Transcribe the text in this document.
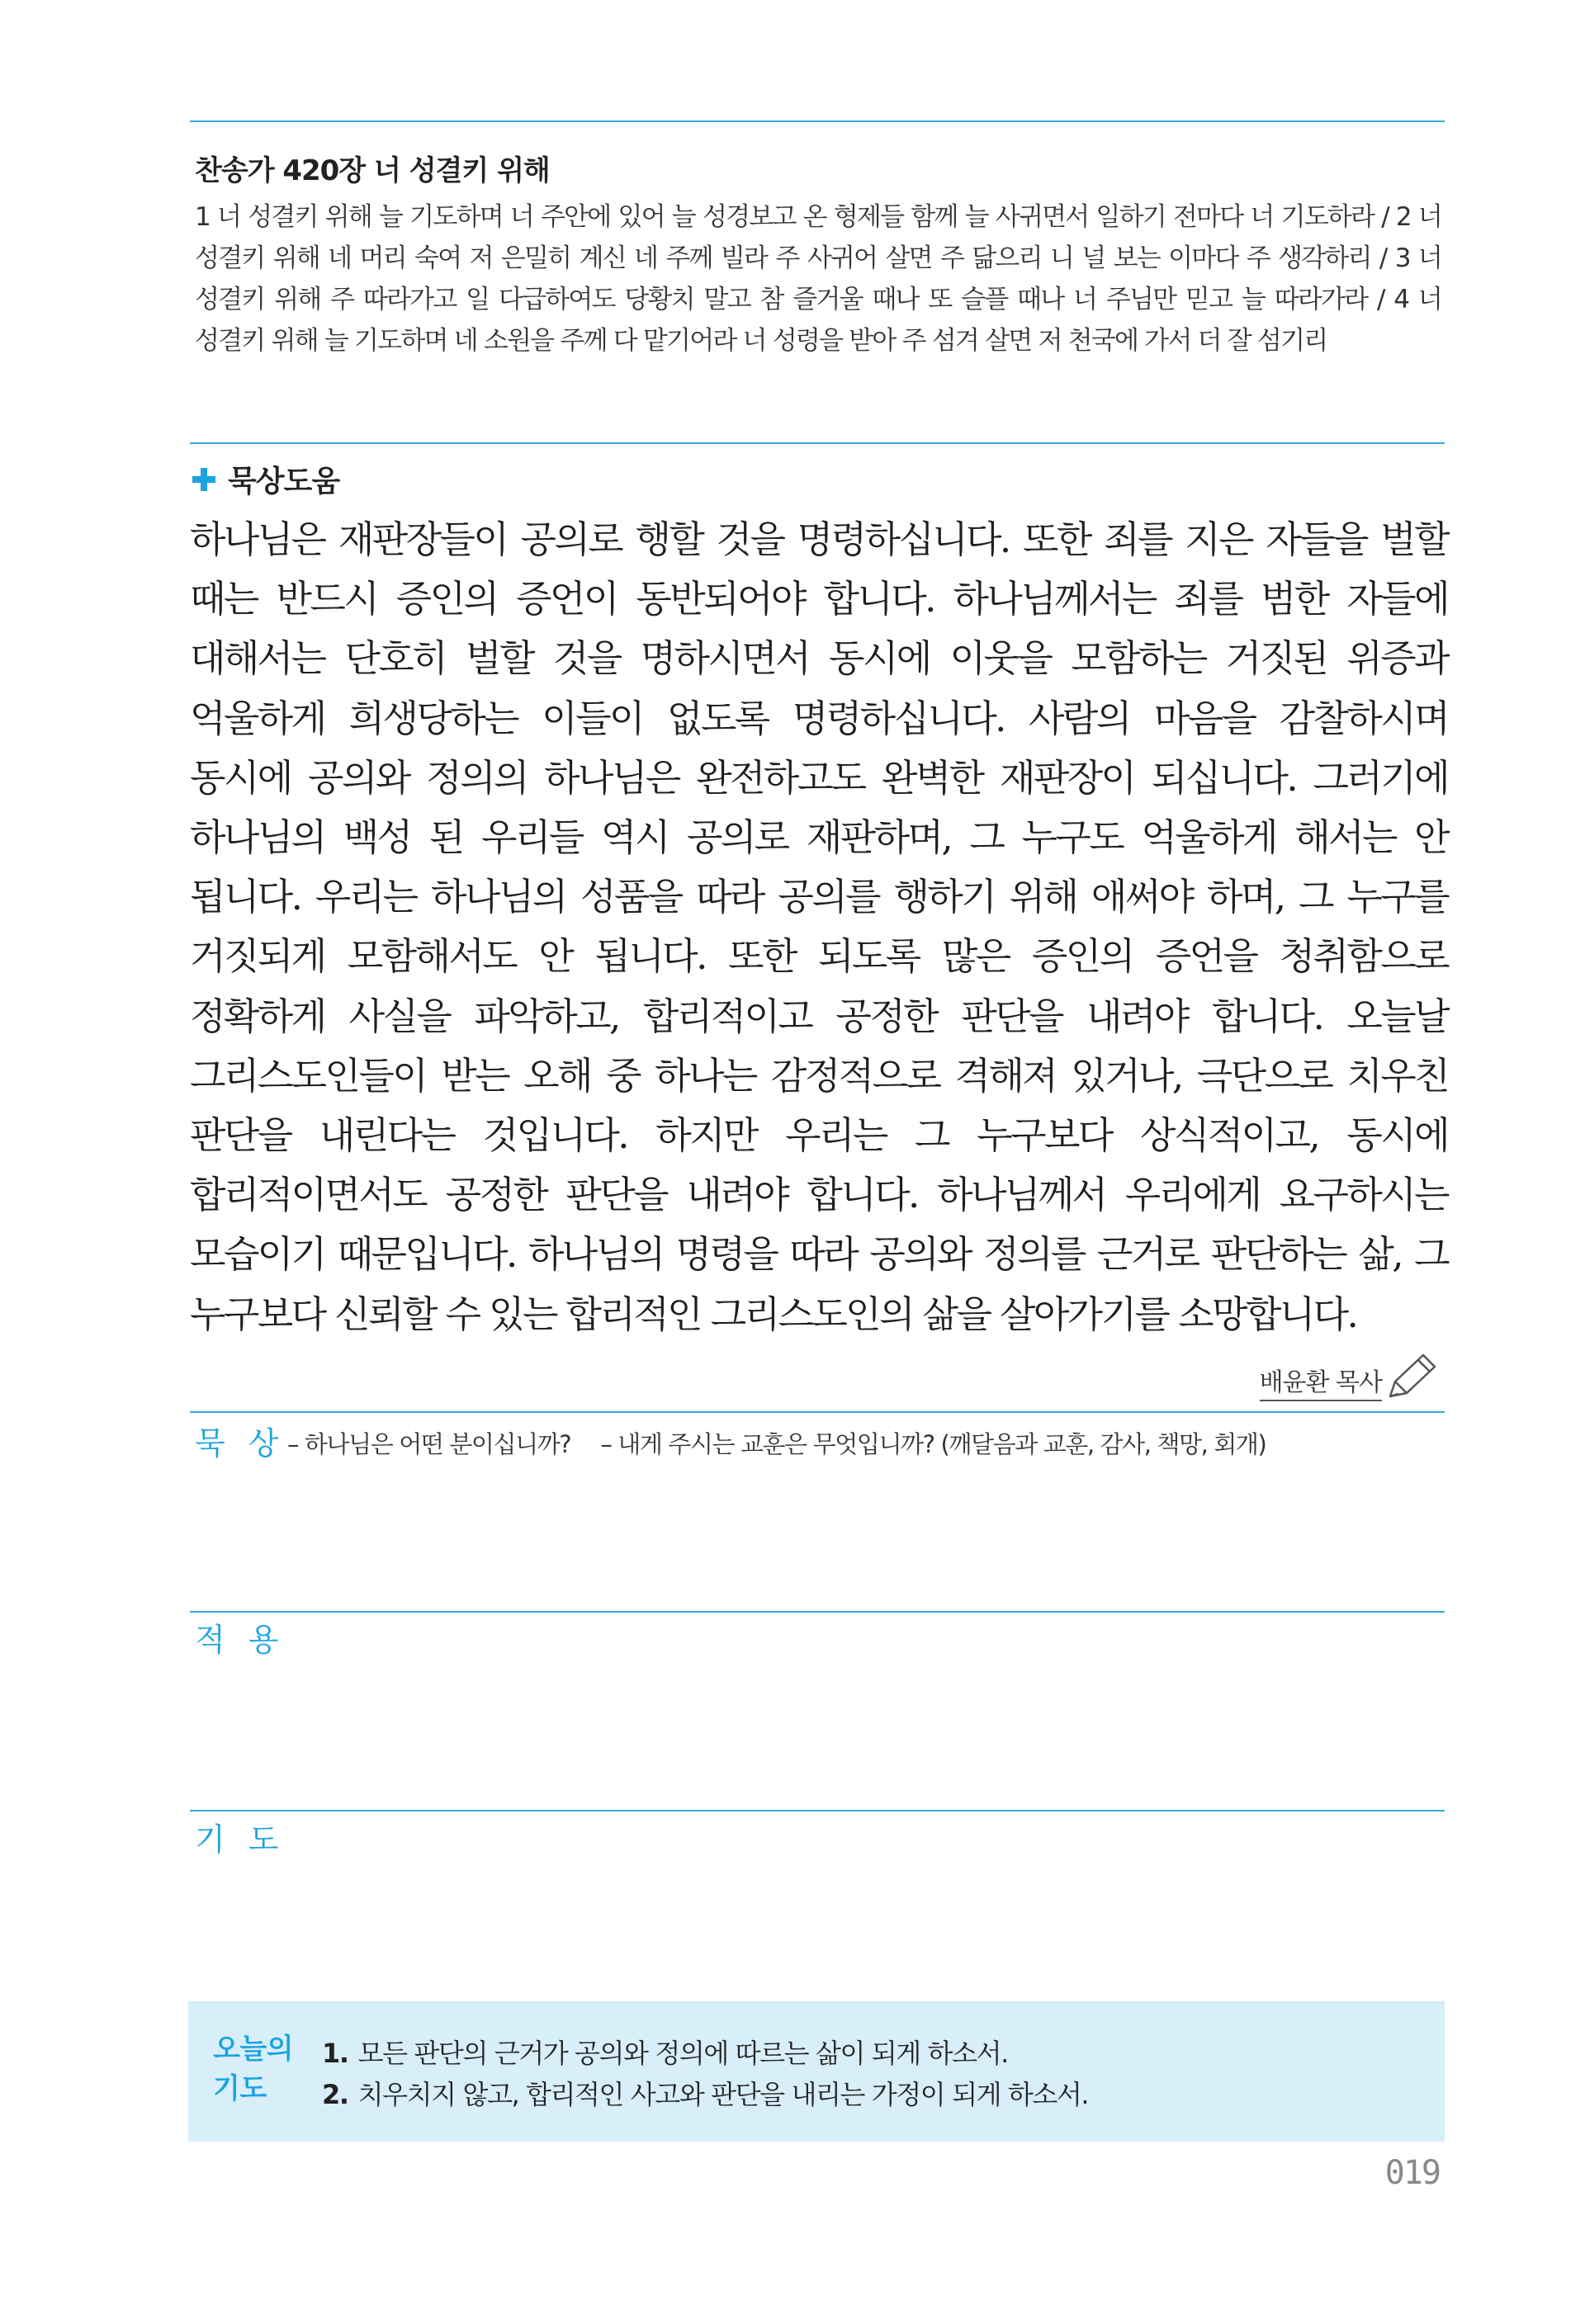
찬송가 420장 너 성결키 위해
1 너 성결키 위해 늘 기도하며 너 주안에 있어 늘 성경보고 온 형제들 함께 늘 사귀면서 일하기 전마다 너 기도하라 / 2 너 성결키 위해 네 머리 숙여 저 은밀히 계신 네 주께 빌라 주 사귀어 살면 주 닮으리 니 널 보는 이마다 주 생각하리 / 3 너 성결키 위해 주 따라가고 일 다급하여도 당황치 말고 참 즐거울 때나 또 슬플 때나 너 주님만 믿고 늘 따라가라 / 4 너 성결키 위해 늘 기도하며 네 소원을 주께 다 맡기어라 너 성령을 받아 주 섬겨 살면 저 천국에 가서 더 잘 섬기리
묵상도움
하나님은 재판장들이 공의로 행할 것을 명령하십니다. 또한 죄를 지은 자들을 벌할 때는 반드시 증인의 증언이 동반되어야 합니다. 하나님께서는 죄를 범한 자들에 대해서는 단호히 벌할 것을 명하시면서 동시에 이웃을 모함하는 거짓된 위증과 억울하게 희생당하는 이들이 없도록 명령하십니다. 사람의 마음을 감찰하시며 동시에 공의와 정의의 하나님은 완전하고도 완벽한 재판장이 되십니다. 그러기에 하나님의 백성 된 우리들 역시 공의로 재판하며, 그 누구도 억울하게 해서는 안 됩니다. 우리는 하나님의 성품을 따라 공의를 행하기 위해 애써야 하며, 그 누구를 거짓되게 모함해서도 안 됩니다. 또한 되도록 많은 증인의 증언을 청취함으로 정확하게 사실을 파악하고, 합리적이고 공정한 판단을 내려야 합니다. 오늘날 그리스도인들이 받는 오해 중 하나는 감정적으로 격해져 있거나, 극단으로 치우친 판단을 내린다는 것입니다. 하지만 우리는 그 누구보다 상식적이고, 동시에 합리적이면서도 공정한 판단을 내려야 합니다. 하나님께서 우리에게 요구하시는 모습이기 때문입니다. 하나님의 명령을 따라 공의와 정의를 근거로 판단하는 삶, 그 누구보다 신뢰할 수 있는 합리적인 그리스도인의 삶을 살아가기를 소망합니다.
배윤환 목사
묵 상 – 하나님은 어떤 분이십니까? – 내게 주시는 교훈은 무엇입니까? (깨달음과 교훈, 감사, 책망, 회개)
적 용
기 도
오늘의
기도
1. 모든 판단의 근거가 공의와 정의에 따르는 삶이 되게 하소서.
2. 치우치지 않고, 합리적인 사고와 판단을 내리는 가정이 되게 하소서.
019
